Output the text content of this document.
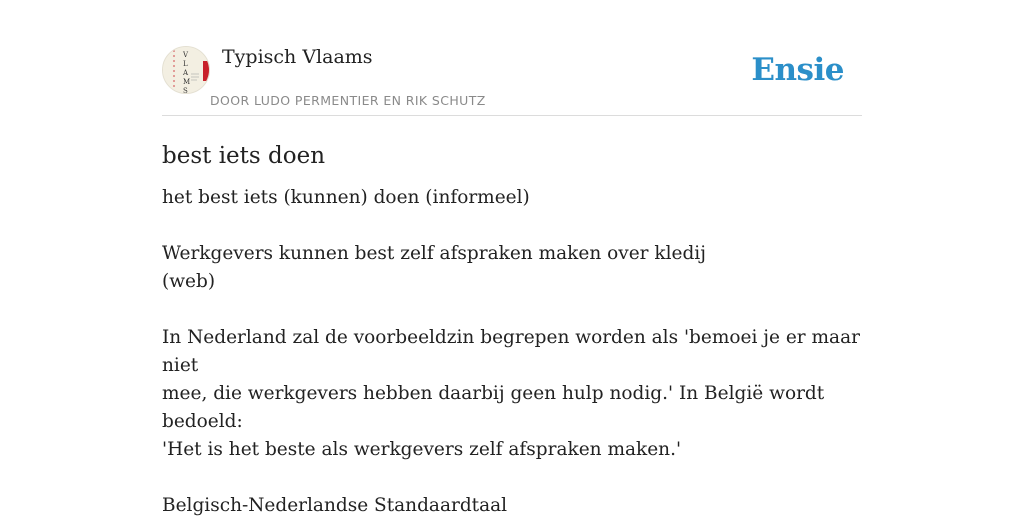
V
L
A
M
S
Typisch Vlaams
DOOR LUDO PERMENTIER EN RIK SCHUTZ
Ensie
best iets doen

het best iets (kunnen) doen (informeel)

Werkgevers kunnen best zelf afspraken maken over kledij
(web)

In Nederland zal de voorbeeldzin begrepen worden als 'bemoei je er maar niet
mee, die werkgevers hebben daarbij geen hulp nodig.' In België wordt bedoeld:
'Het is het beste als werkgevers zelf afspraken maken.'

Belgisch-Nederlandse Standaardtaal
